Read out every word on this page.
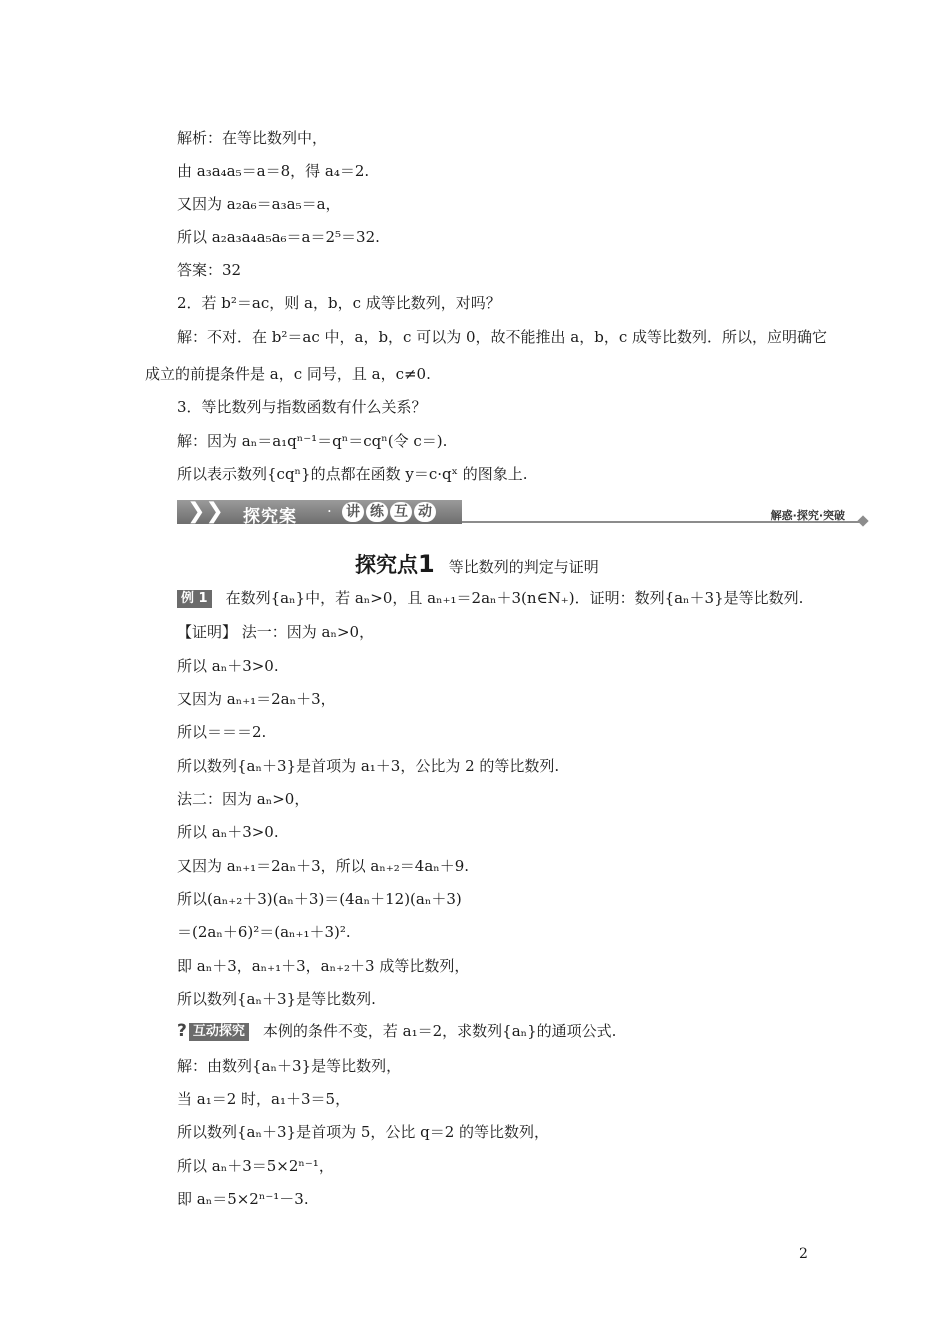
解析：在等比数列中，
由 a₃a₄a₅＝a＝8，得 a₄＝2.
又因为 a₂a₆＝a₃a₅＝a，
所以 a₂a₃a₄a₅a₆＝a＝2⁵＝32.
答案：32
2．若 b²＝ac，则 a，b，c 成等比数列，对吗？
解：不对．在 b²＝ac 中，a，b，c 可以为 0，故不能推出 a，b，c 成等比数列．所以，应明确它
成立的前提条件是 a，c 同号，且 a，c≠0.
3．等比数列与指数函数有什么关系？
解：因为 aₙ＝a₁qⁿ⁻¹＝qⁿ＝cqⁿ(令 c＝).
所以表示数列{cqⁿ}的点都在函数 y＝c·qˣ 的图象上.
❯❯ 探究案 · 讲 练 互 动	解惑·探究·突破
探究点1 等比数列的判定与证明
例 1 在数列{aₙ}中，若 aₙ>0，且 aₙ₊₁＝2aₙ＋3(n∈N₊)．证明：数列{aₙ＋3}是等比数列.
【证明】 法一：因为 aₙ>0，
所以 aₙ＋3>0.
又因为 aₙ₊₁＝2aₙ＋3，
所以＝＝＝2.
所以数列{aₙ＋3}是首项为 a₁＋3，公比为 2 的等比数列.
法二：因为 aₙ>0，
所以 aₙ＋3>0.
又因为 aₙ₊₁＝2aₙ＋3，所以 aₙ₊₂＝4aₙ＋9.
所以(aₙ₊₂＋3)(aₙ＋3)＝(4aₙ＋12)(aₙ＋3)
＝(2aₙ＋6)²＝(aₙ₊₁＋3)².
即 aₙ＋3，aₙ₊₁＋3，aₙ₊₂＋3 成等比数列，
所以数列{aₙ＋3}是等比数列.
? 互动探究 本例的条件不变，若 a₁＝2，求数列{aₙ}的通项公式.
解：由数列{aₙ＋3}是等比数列，
当 a₁＝2 时，a₁＋3＝5，
所以数列{aₙ＋3}是首项为 5，公比 q＝2 的等比数列，
所以 aₙ＋3＝5×2ⁿ⁻¹，
即 aₙ＝5×2ⁿ⁻¹－3.
2
